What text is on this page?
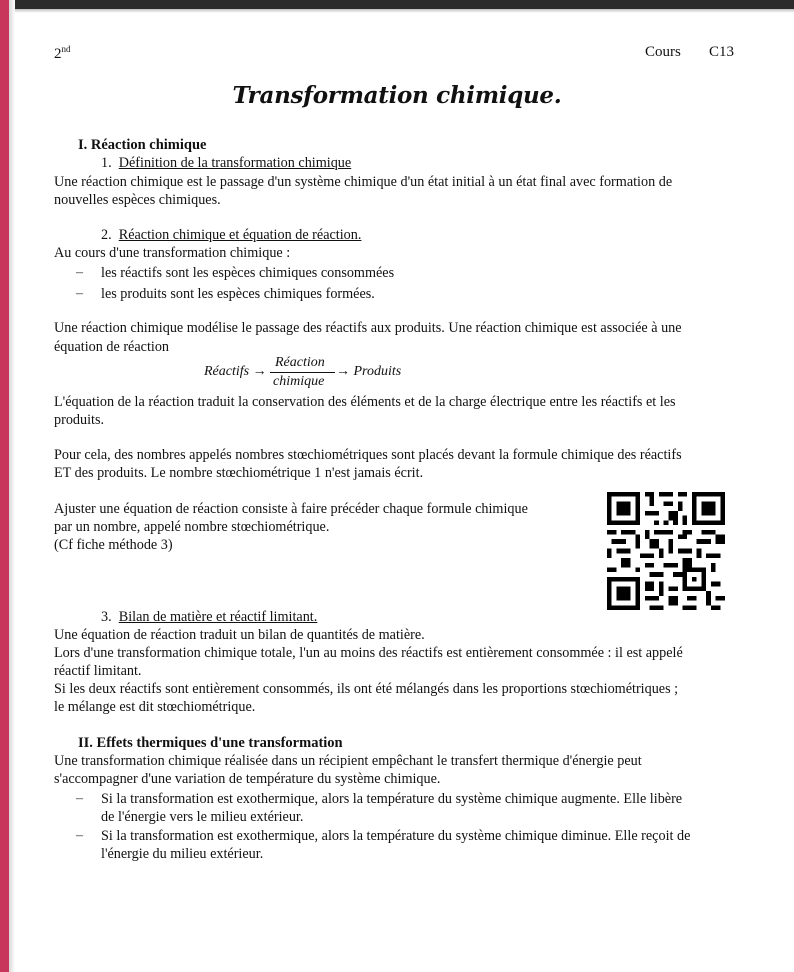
2nd	Cours C13
Transformation chimique.
I. Réaction chimique
1. Définition de la transformation chimique
Une réaction chimique est le passage d'un système chimique d'un état initial à un état final avec formation de
nouvelles espèces chimiques.
2. Réaction chimique et équation de réaction.
Au cours d'une transformation chimique :
– les réactifs sont les espèces chimiques consommées
– les produits sont les espèces chimiques formées.
Une réaction chimique modélise le passage des réactifs aux produits. Une réaction chimique est associée à une
équation de réaction
Réactifs →
Réaction
chimique
→ Produits
L'équation de la réaction traduit la conservation des éléments et de la charge électrique entre les réactifs et les
produits.
Pour cela, des nombres appelés nombres stœchiométriques sont placés devant la formule chimique des réactifs
ET des produits. Le nombre stœchiométrique 1 n'est jamais écrit.
Ajuster une équation de réaction consiste à faire précéder chaque formule chimique
par un nombre, appelé nombre stœchiométrique.
(Cf fiche méthode 3)
3. Bilan de matière et réactif limitant.
Une équation de réaction traduit un bilan de quantités de matière.
Lors d'une transformation chimique totale, l'un au moins des réactifs est entièrement consommée : il est appelé
réactif limitant.
Si les deux réactifs sont entièrement consommés, ils ont été mélangés dans les proportions stœchiométriques ;
le mélange est dit stœchiométrique.
II. Effets thermiques d'une transformation
Une transformation chimique réalisée dans un récipient empêchant le transfert thermique d'énergie peut
s'accompagner d'une variation de température du système chimique.
– Si la transformation est exothermique, alors la température du système chimique augmente. Elle libère
de l'énergie vers le milieu extérieur.
– Si la transformation est exothermique, alors la température du système chimique diminue. Elle reçoit de
l'énergie du milieu extérieur.
